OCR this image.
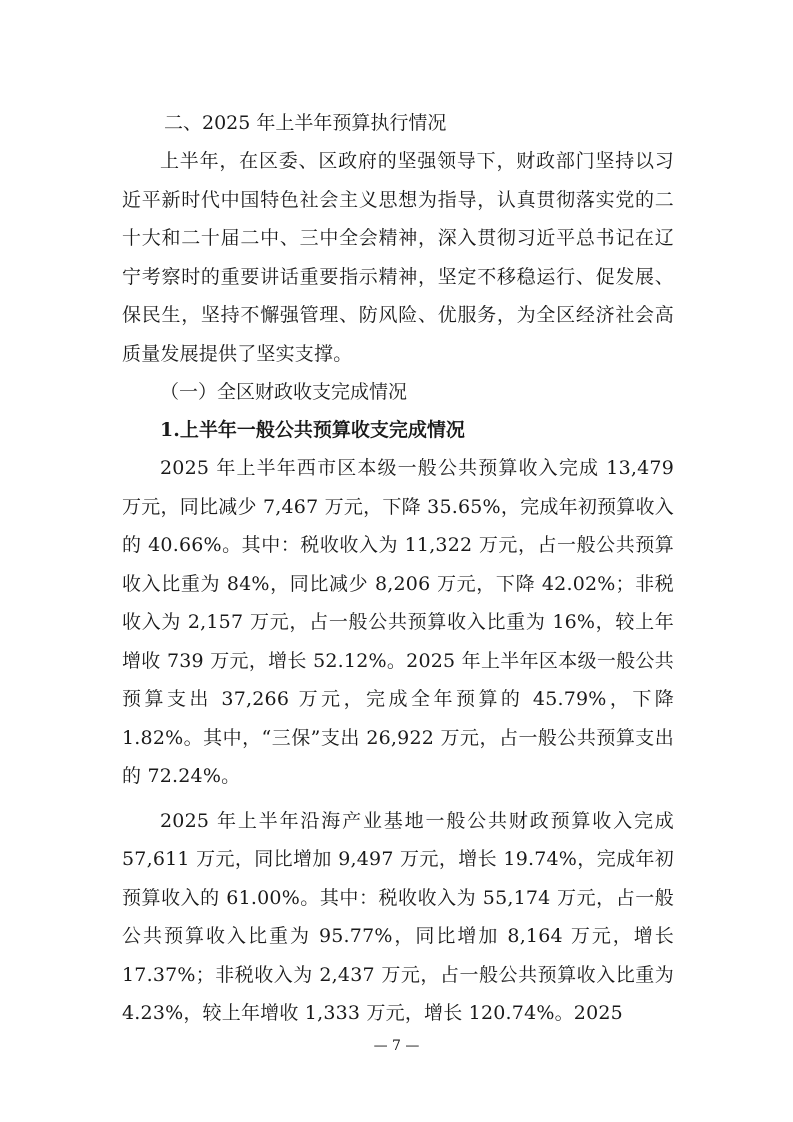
二、2025 年上半年预算执行情况

上半年，在区委、区政府的坚强领导下，财政部门坚持以习近平新时代中国特色社会主义思想为指导，认真贯彻落实党的二十大和二十届二中、三中全会精神，深入贯彻习近平总书记在辽宁考察时的重要讲话重要指示精神，坚定不移稳运行、促发展、保民生，坚持不懈强管理、防风险、优服务，为全区经济社会高质量发展提供了坚实支撑。

（一）全区财政收支完成情况

1.上半年一般公共预算收支完成情况

2025 年上半年西市区本级一般公共预算收入完成 13,479 万元，同比减少 7,467 万元，下降 35.65%，完成年初预算收入的 40.66%。其中：税收收入为 11,322 万元，占一般公共预算收入比重为 84%，同比减少 8,206 万元，下降 42.02%；非税收入为 2,157 万元，占一般公共预算收入比重为 16%，较上年增收 739 万元，增长 52.12%。2025 年上半年区本级一般公共预算支出 37,266 万元，完成全年预算的 45.79%，下降 1.82%。其中，“三保”支出 26,922 万元，占一般公共预算支出的 72.24%。

2025 年上半年沿海产业基地一般公共财政预算收入完成 57,611 万元，同比增加 9,497 万元，增长 19.74%，完成年初预算收入的 61.00%。其中：税收收入为 55,174 万元，占一般公共预算收入比重为 95.77%，同比增加 8,164 万元，增长 17.37%；非税收入为 2,437 万元，占一般公共预算收入比重为 4.23%，较上年增收 1,333 万元，增长 120.74%。2025

— 7 —
